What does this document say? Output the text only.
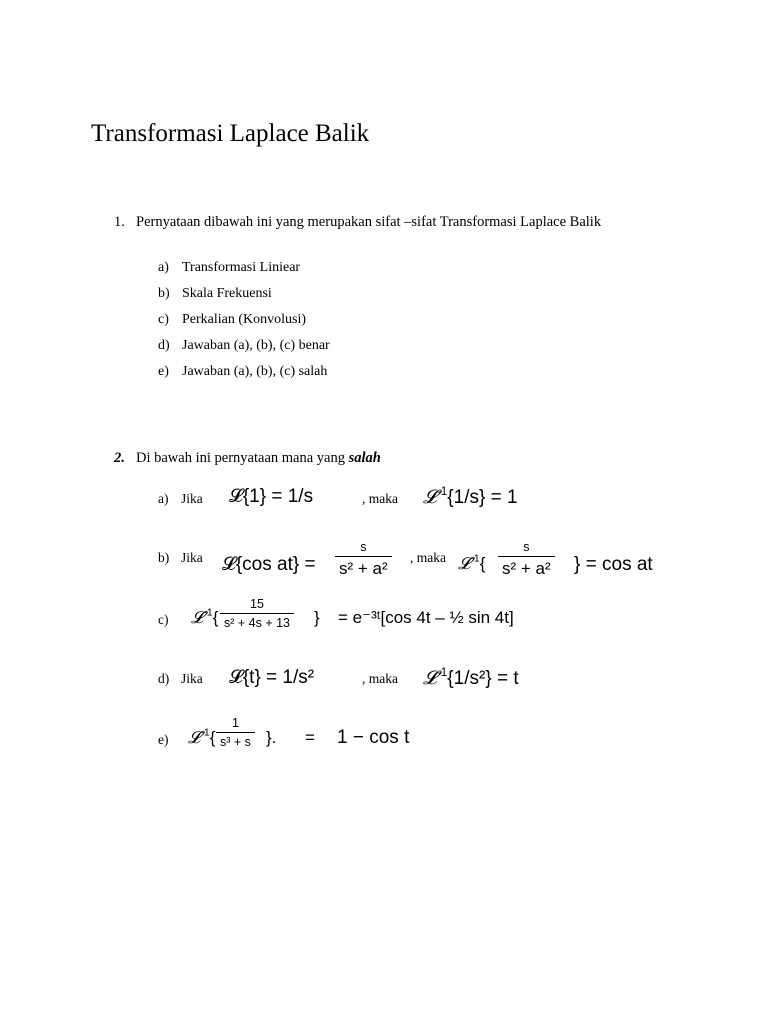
Transformasi Laplace Balik
1. Pernyataan dibawah ini yang merupakan sifat –sifat Transformasi Laplace Balik
a) Transformasi Liniear
b) Skala Frekuensi
c) Perkalian (Konvolusi)
d) Jawaban (a), (b), (c) benar
e) Jawaban (a), (b), (c) salah
2. Di bawah ini pernyataan mana yang salah
a) Jika 𝓛{1} = 1/s	, maka 𝓛$^{-1}${1/s} = 1
b) Jika 𝓛{cos $at\} = \frac{s}{\text{s² + a²}}$ , maka 𝓛$^{-1}${ $\frac{s}{\text{s² + a²}}$ } = cos at
c) 𝓛$^{-1}${ $\frac{15}{\text{s² + 4s + 13}}$ } = e⁻³ᵗ[cos 4t – ½ sin 4t]
d) Jika 𝓛{t} = 1/s²	, maka 𝓛$^{-1}${1/s²} = t
e) 𝓛$^{-1}${ $\frac{1}{\text{s³ + s}}$ }. = 1 − cos t
